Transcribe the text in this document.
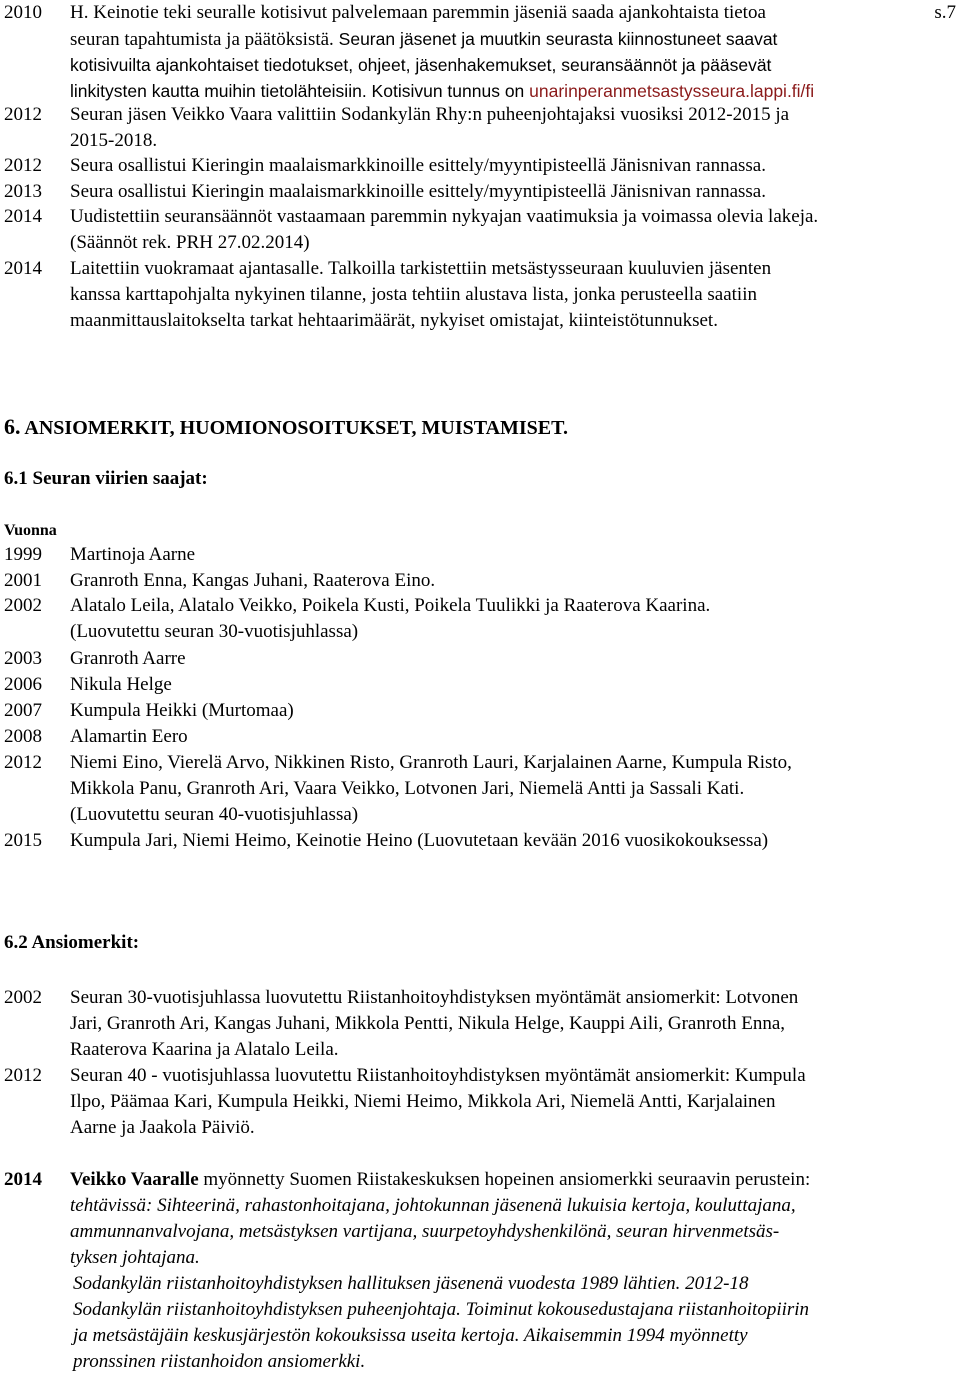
2010 H. Keinotie teki seuralle kotisivut palvelemaan paremmin jäseniä saada ajankohtaista tietoa
seuran tapahtumista ja päätöksistä. Seuran jäsenet ja muutkin seurasta kiinnostuneet saavat
kotisivuilta ajankohtaiset tiedotukset, ohjeet, jäsenhakemukset, seuransäännöt ja pääsevät
linkitysten kautta muihin tietolähteisiin. Kotisivun tunnus on unarinperanmetsastysseura.lappi.fi/fi
s.7
2012 Seuran jäsen Veikko Vaara valittiin Sodankylän Rhy:n puheenjohtajaksi vuosiksi 2012-2015 ja
2015-2018.
2012 Seura osallistui Kieringin maalaismarkkinoille esittely/myyntipisteellä Jänisnivan rannassa.
2013 Seura osallistui Kieringin maalaismarkkinoille esittely/myyntipisteellä Jänisnivan rannassa.
2014 Uudistettiin seuransäännöt vastaamaan paremmin nykyajan vaatimuksia ja voimassa olevia lakeja.
(Säännöt rek. PRH 27.02.2014)
2014 Laitettiin vuokramaat ajantasalle. Talkoilla tarkistettiin metsästysseuraan kuuluvien jäsenten
kanssa karttapohjalta nykyinen tilanne, josta tehtiin alustava lista, jonka perusteella saatiin
maanmittauslaitokselta tarkat hehtaarimäärät, nykyiset omistajat, kiinteistötunnukset.
6. ANSIOMERKIT, HUOMIONOSOITUKSET, MUISTAMISET.
6.1 Seuran viirien saajat:
Vuonna
1999 Martinoja Aarne
2001 Granroth Enna, Kangas Juhani, Raaterova Eino.
2002 Alatalo Leila, Alatalo Veikko, Poikela Kusti, Poikela Tuulikki ja Raaterova Kaarina.
(Luovutettu seuran 30-vuotisjuhlassa)
2003 Granroth Aarre
2006 Nikula Helge
2007 Kumpula Heikki (Murtomaa)
2008 Alamartin Eero
2012 Niemi Eino, Vierelä Arvo, Nikkinen Risto, Granroth Lauri, Karjalainen Aarne, Kumpula Risto,
Mikkola Panu, Granroth Ari, Vaara Veikko, Lotvonen Jari, Niemelä Antti ja Sassali Kati.
(Luovutettu seuran 40-vuotisjuhlassa)
2015 Kumpula Jari, Niemi Heimo, Keinotie Heino (Luovutetaan kevään 2016 vuosikokouksessa)
6.2 Ansiomerkit:
2002 Seuran 30-vuotisjuhlassa luovutettu Riistanhoitoyhdistyksen myöntämät ansiomerkit: Lotvonen
Jari, Granroth Ari, Kangas Juhani, Mikkola Pentti, Nikula Helge, Kauppi Aili, Granroth Enna,
Raaterova Kaarina ja Alatalo Leila.
2012 Seuran 40 - vuotisjuhlassa luovutettu Riistanhoitoyhdistyksen myöntämät ansiomerkit: Kumpula
Ilpo, Päämaa Kari, Kumpula Heikki, Niemi Heimo, Mikkola Ari, Niemelä Antti, Karjalainen
Aarne ja Jaakola Päiviö.
2014 Veikko Vaaralle myönnetty Suomen Riistakeskuksen hopeinen ansiomerkki seuraavin perustein:
tehtävissä: Sihteerinä, rahastonhoitajana, johtokunnan jäsenenä lukuisia kertoja, kouluttajana,
ammunnanvalvojana, metsästyksen vartijana, suurpetoyhdyshenkilönä, seuran hirvenmetsäs-
tyksen johtajana.
Sodankylän riistanhoitoyhdistyksen hallituksen jäsenenä vuodesta 1989 lähtien. 2012-18
Sodankylän riistanhoitoyhdistyksen puheenjohtaja. Toiminut kokousedustajana riistanhoitopiirin
ja metsästäjäin keskusjärjestön kokouksissa useita kertoja. Aikaisemmin 1994 myönnetty
pronssinen riistanhoidon ansiomerkki.
